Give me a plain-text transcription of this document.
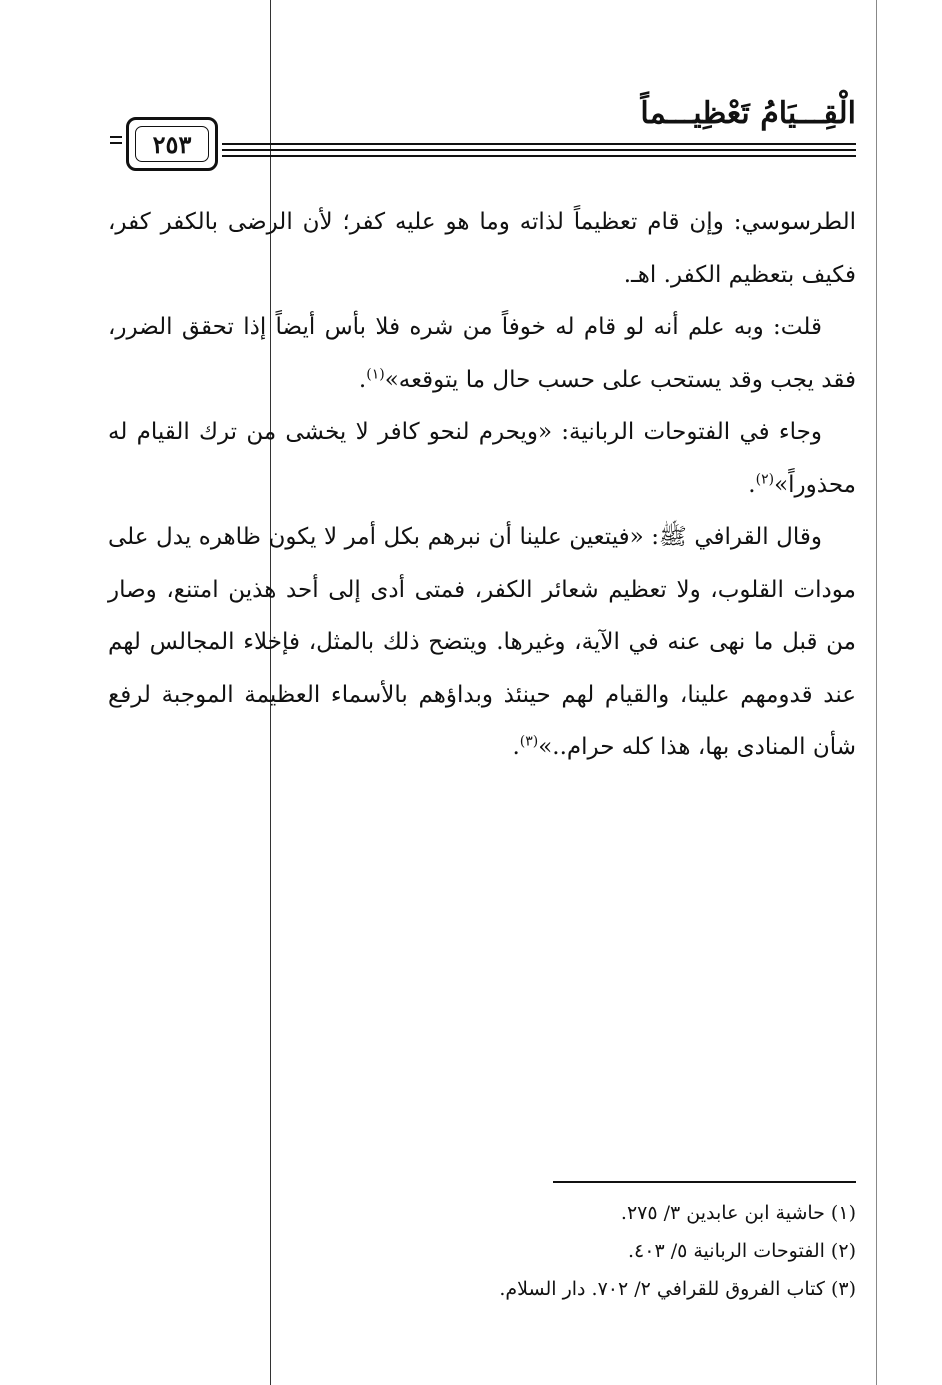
الْقِـــيَامُ تَعْظِيـــماً
٢٥٣

الطرسوسي: وإن قام تعظيماً لذاته وما هو عليه كفر؛ لأن الرضى بالكفر كفر، فكيف بتعظيم الكفر. اهـ.

قلت: وبه علم أنه لو قام له خوفاً من شره فلا بأس أيضاً إذا تحقق الضرر، فقد يجب وقد يستحب على حسب حال ما يتوقعه»$^{(١)}$.

وجاء في الفتوحات الربانية: «ويحرم لنحو كافر لا يخشى من ترك القيام له محذوراً»$^{(٢)}$.

وقال القرافي ﷺ: «فيتعين علينا أن نبرهم بكل أمر لا يكون ظاهره يدل على مودات القلوب، ولا تعظيم شعائر الكفر، فمتى أدى إلى أحد هذين امتنع، وصار من قبل ما نهى عنه في الآية، وغيرها. ويتضح ذلك بالمثل، فإخلاء المجالس لهم عند قدومهم علينا، والقيام لهم حينئذ وبداؤهم بالأسماء العظيمة الموجبة لرفع شأن المنادى بها، هذا كله حرام..»$^{(٣)}$.

(١) حاشية ابن عابدين ٣/ ٢٧٥.
(٢) الفتوحات الربانية ٥/ ٤٠٣.
(٣) كتاب الفروق للقرافي ٢/ ٧٠٢. دار السلام.
